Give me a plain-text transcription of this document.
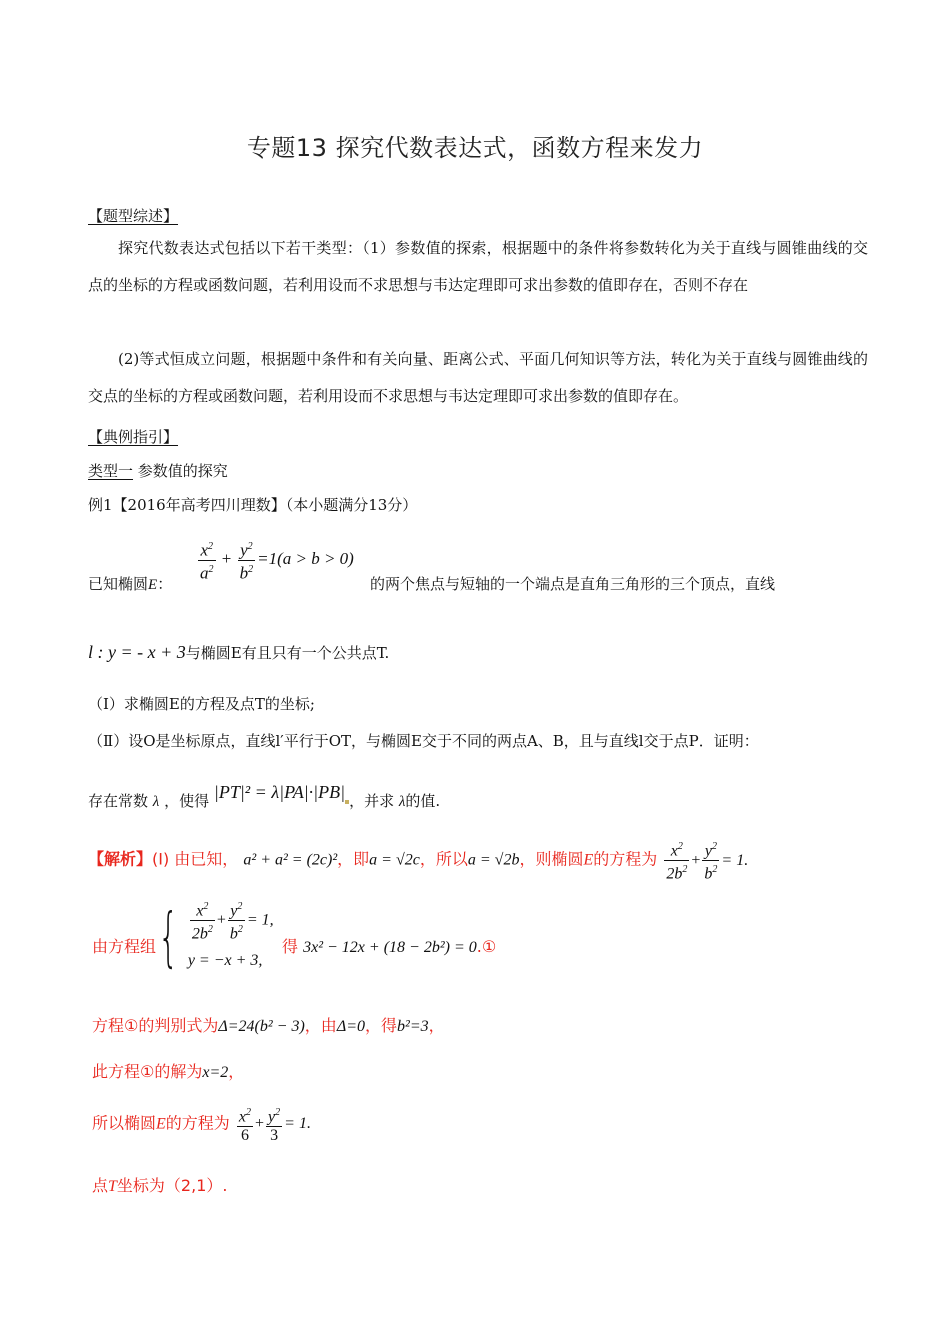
专题13 探究代数表达式，函数方程来发力
【题型综述】
探究代数表达式包括以下若干类型：（1）参数值的探索，根据题中的条件将参数转化为关于直线与圆锥曲线的交点的坐标的方程或函数问题，若利用设而不求思想与韦达定理即可求出参数的值即存在，否则不存在
(2)等式恒成立问题，根据题中条件和有关向量、距离公式、平面几何知识等方法，转化为关于直线与圆锥曲线的交点的坐标的方程或函数问题，若利用设而不求思想与韦达定理即可求出参数的值即存在。
【典例指引】
类型一 参数值的探究
例1【2016年高考四川理数】（本小题满分13分）
已知椭圆E：
$\frac{x^2}{a^2} + \frac{y^2}{b^2} =1(a > b > 0)$
的两个焦点与短轴的一个端点是直角三角形的三个顶点，直线
l : y = - x + 3与椭圆E有且只有一个公共点T.
（Ⅰ）求椭圆E的方程及点T的坐标;
（Ⅱ）设O是坐标原点，直线l′平行于OT，与椭圆E交于不同的两点A、B，且与直线l交于点P．证明：
存在常数 λ ，使得 |PT|² = λ|PA|·|PB| ，并求 λ的值.
【解析】(I) 由已知， a² + a² = (2c)²，即a = √2c，所以a = √2b，则椭圆E的方程为 $\frac{x^2}{2b^2} + \frac{y^2}{b^2} = 1$.
由方程组 { $\frac{x^2}{2b^2} + \frac{y^2}{b^2} = 1$,
y = −x + 3,
得 3x² − 12x + (18 − 2b²) = 0.①
方程①的判别式为Δ=24(b² − 3)，由Δ=0，得b²=3，
此方程①的解为x=2，
所以椭圆E的方程为 $\frac{x^2}{6} + \frac{y^2}{3} = 1$.
点T坐标为（2,1）.
